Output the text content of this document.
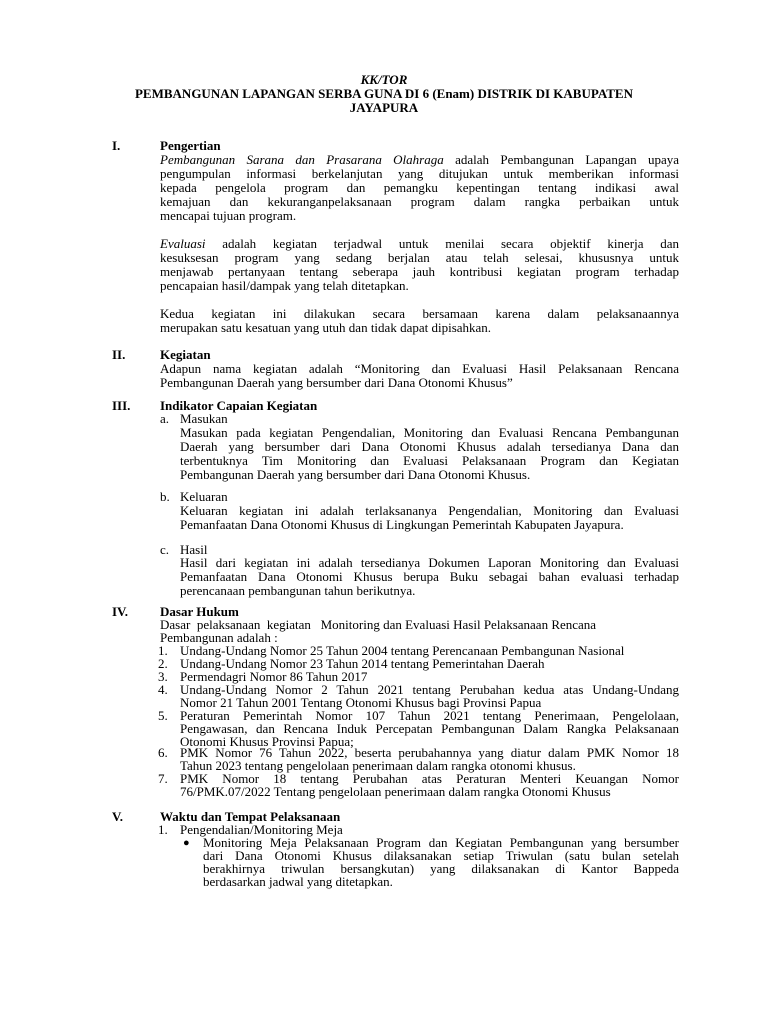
KK/TOR
PEMBANGUNAN LAPANGAN SERBA GUNA DI 6 (Enam) DISTRIK DI KABUPATEN
JAYAPURA
I.	Pengertian
Pembangunan Sarana dan Prasarana Olahraga adalah Pembangunan Lapangan upaya
pengumpulan informasi berkelanjutan yang ditujukan untuk memberikan informasi
kepada pengelola program dan pemangku kepentingan tentang indikasi awal
kemajuan dan kekuranganpelaksanaan program dalam rangka perbaikan untuk
mencapai tujuan program.
Evaluasi adalah kegiatan terjadwal untuk menilai secara objektif kinerja dan
kesuksesan program yang sedang berjalan atau telah selesai, khususnya untuk
menjawab pertanyaan tentang seberapa jauh kontribusi kegiatan program terhadap
pencapaian hasil/dampak yang telah ditetapkan.
Kedua kegiatan ini dilakukan secara bersamaan karena dalam pelaksanaannya
merupakan satu kesatuan yang utuh dan tidak dapat dipisahkan.
II.	Kegiatan
Adapun nama kegiatan adalah “Monitoring dan Evaluasi Hasil Pelaksanaan Rencana
Pembangunan Daerah yang bersumber dari Dana Otonomi Khusus”
III. Indikator Capaian Kegiatan
a. Masukan
Masukan pada kegiatan Pengendalian, Monitoring dan Evaluasi Rencana Pembangunan
Daerah yang bersumber dari Dana Otonomi Khusus adalah tersedianya Dana dan
terbentuknya Tim Monitoring dan Evaluasi Pelaksanaan Program dan Kegiatan
Pembangunan Daerah yang bersumber dari Dana Otonomi Khusus.
b. Keluaran
Keluaran kegiatan ini adalah terlaksananya Pengendalian, Monitoring dan Evaluasi
Pemanfaatan Dana Otonomi Khusus di Lingkungan Pemerintah Kabupaten Jayapura.
c. Hasil
Hasil dari kegiatan ini adalah tersedianya Dokumen Laporan Monitoring dan Evaluasi
Pemanfaatan Dana Otonomi Khusus berupa Buku sebagai bahan evaluasi terhadap
perencanaan pembangunan tahun berikutnya.
IV. Dasar Hukum
Dasar  pelaksanaan  kegiatan   Monitoring dan Evaluasi Hasil Pelaksanaan Rencana
Pembangunan adalah :
1. Undang-Undang Nomor 25 Tahun 2004 tentang Perencanaan Pembangunan Nasional
2. Undang-Undang Nomor 23 Tahun 2014 tentang Pemerintahan Daerah
3. Permendagri Nomor 86 Tahun 2017
4. Undang-Undang Nomor 2 Tahun 2021 tentang Perubahan kedua atas Undang-Undang
Nomor 21 Tahun 2001 Tentang Otonomi Khusus bagi Provinsi Papua
5. Peraturan Pemerintah Nomor 107 Tahun 2021 tentang Penerimaan, Pengelolaan,
Pengawasan, dan Rencana Induk Percepatan Pembangunan Dalam Rangka Pelaksanaan
Otonomi Khusus Provinsi Papua;
6. PMK Nomor 76 Tahun 2022, beserta perubahannya yang diatur dalam PMK Nomor 18
Tahun 2023 tentang pengelolaan penerimaan dalam rangka otonomi khusus.
7. PMK Nomor 18 tentang Perubahan atas Peraturan Menteri Keuangan Nomor
76/PMK.07/2022 Tentang pengelolaan penerimaan dalam rangka Otonomi Khusus
V.	Waktu dan Tempat Pelaksanaan
1. Pengendalian/Monitoring Meja
● Monitoring Meja Pelaksanaan Program dan Kegiatan Pembangunan yang bersumber
dari Dana Otonomi Khusus dilaksanakan setiap Triwulan (satu bulan setelah
berakhirnya triwulan bersangkutan) yang dilaksanakan di Kantor Bappeda
berdasarkan jadwal yang ditetapkan.
